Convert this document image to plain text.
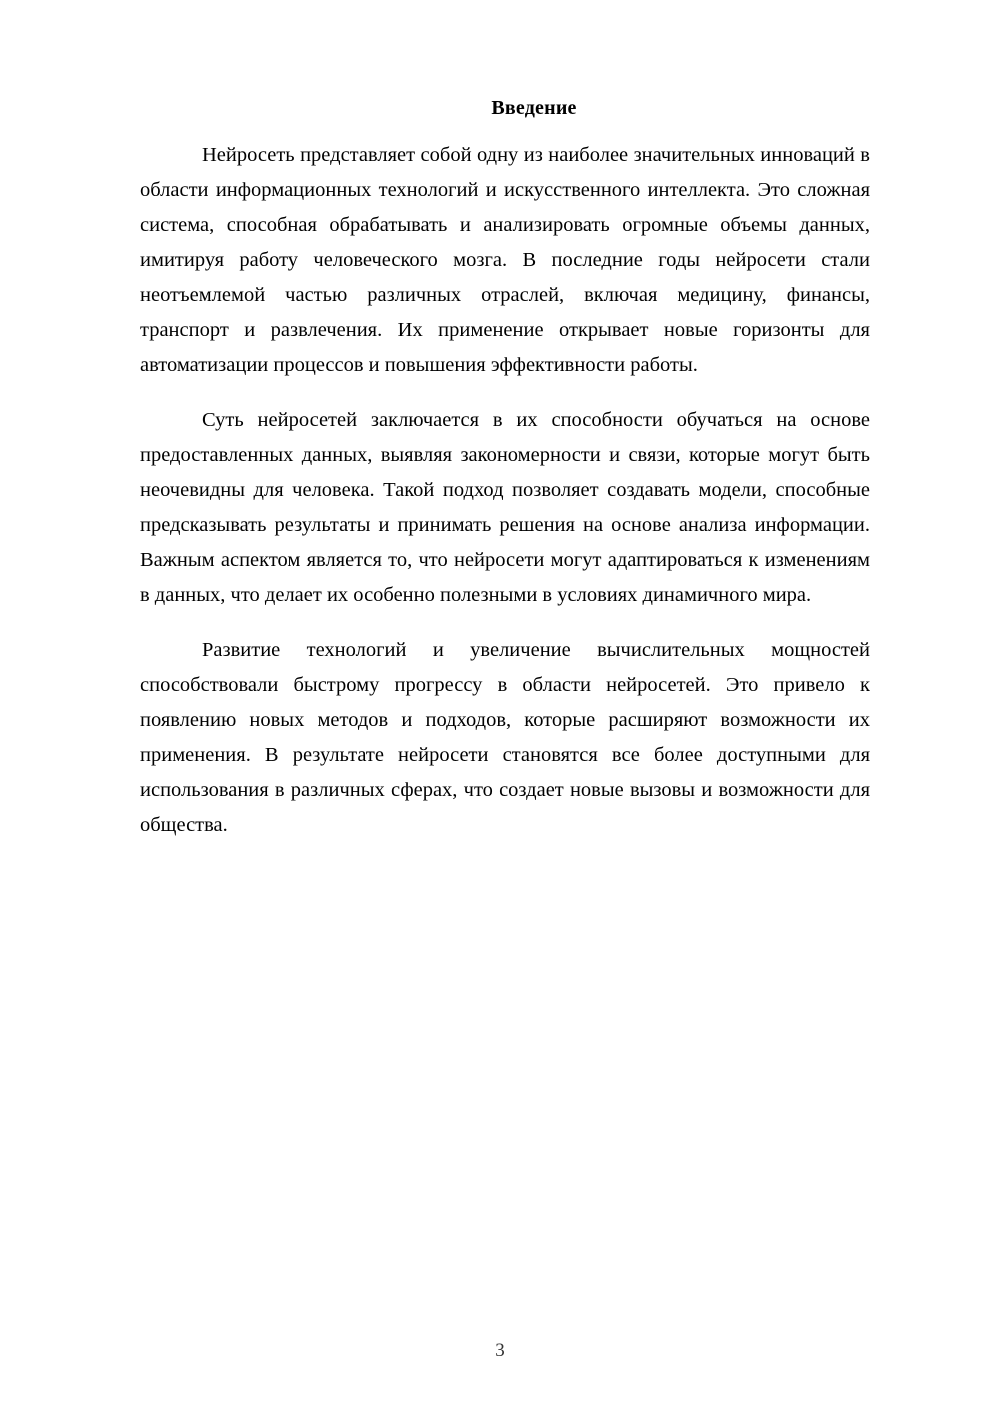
Введение

Нейросеть представляет собой одну из наиболее значительных инноваций в области информационных технологий и искусственного интеллекта. Это сложная система, способная обрабатывать и анализировать огромные объемы данных, имитируя работу человеческого мозга. В последние годы нейросети стали неотъемлемой частью различных отраслей, включая медицину, финансы, транспорт и развлечения. Их применение открывает новые горизонты для автоматизации процессов и повышения эффективности работы.

Суть нейросетей заключается в их способности обучаться на основе предоставленных данных, выявляя закономерности и связи, которые могут быть неочевидны для человека. Такой подход позволяет создавать модели, способные предсказывать результаты и принимать решения на основе анализа информации. Важным аспектом является то, что нейросети могут адаптироваться к изменениям в данных, что делает их особенно полезными в условиях динамичного мира.

Развитие технологий и увеличение вычислительных мощностей способствовали быстрому прогрессу в области нейросетей. Это привело к появлению новых методов и подходов, которые расширяют возможности их применения. В результате нейросети становятся все более доступными для использования в различных сферах, что создает новые вызовы и возможности для общества.

3
